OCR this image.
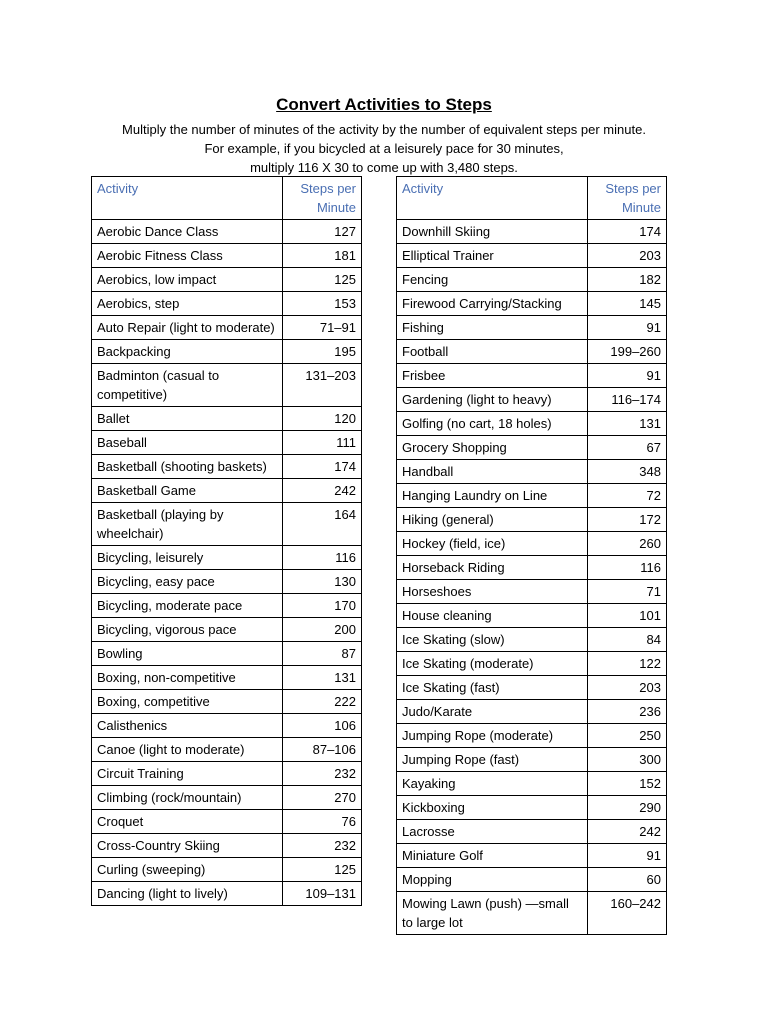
Convert Activities to Steps
Multiply the number of minutes of the activity by the number of equivalent steps per minute.
For example, if you bicycled at a leisurely pace for 30 minutes,
multiply 116 X 30 to come up with 3,480 steps.
Activity	Steps per
Minute
Aerobic Dance Class	127
Aerobic Fitness Class	181
Aerobics, low impact	125
Aerobics, step	153
Auto Repair (light to moderate)	71–91
Backpacking	195
Badminton (casual to competitive)	131–203
Ballet	120
Baseball	111
Basketball (shooting baskets)	174
Basketball Game	242
Basketball (playing by wheelchair)	164
Bicycling, leisurely	116
Bicycling, easy pace	130
Bicycling, moderate pace	170
Bicycling, vigorous pace	200
Bowling	87
Boxing, non-competitive	131
Boxing, competitive	222
Calisthenics	106
Canoe (light to moderate)	87–106
Circuit Training	232
Climbing (rock/mountain)	270
Croquet	76
Cross-Country Skiing	232
Curling (sweeping)	125
Dancing (light to lively)	109–131
Activity	Steps per
Minute
Downhill Skiing	174
Elliptical Trainer	203
Fencing	182
Firewood Carrying/Stacking	145
Fishing	91
Football	199–260
Frisbee	91
Gardening (light to heavy)	116–174
Golfing (no cart, 18 holes)	131
Grocery Shopping	67
Handball	348
Hanging Laundry on Line	72
Hiking (general)	172
Hockey (field, ice)	260
Horseback Riding	116
Horseshoes	71
House cleaning	101
Ice Skating (slow)	84
Ice Skating (moderate)	122
Ice Skating (fast)	203
Judo/Karate	236
Jumping Rope (moderate)	250
Jumping Rope (fast)	300
Kayaking	152
Kickboxing	290
Lacrosse	242
Miniature Golf	91
Mopping	60
Mowing Lawn (push) —small to large lot	160–242
